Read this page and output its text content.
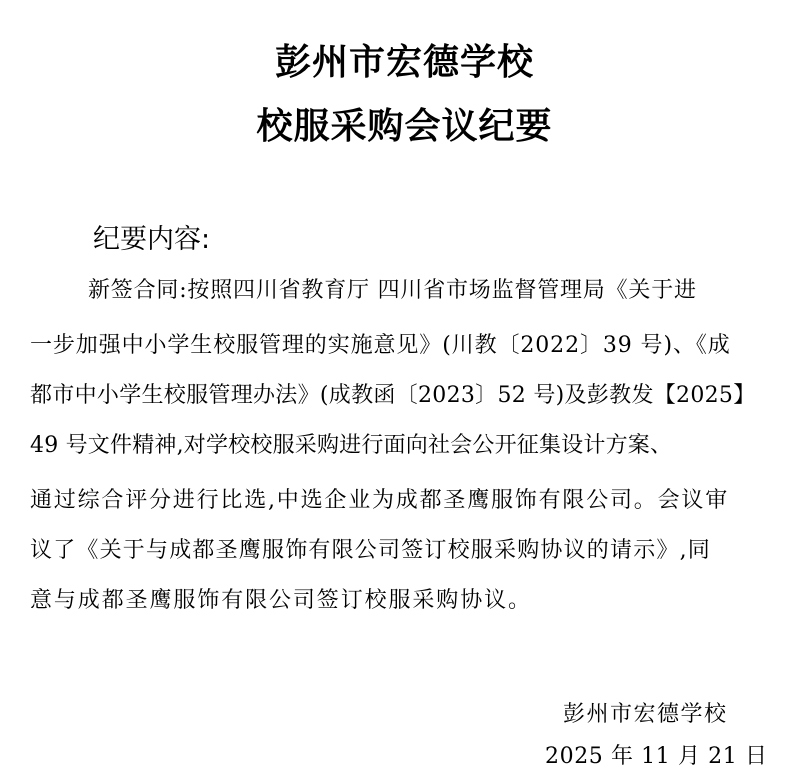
彭州市宏德学校
校服采购会议纪要
纪要内容:
新签合同:按照四川省教育厅 四川省市场监督管理局《关于进
一步加强中小学生校服管理的实施意见》(川教〔2022〕39 号)、《成
都市中小学生校服管理办法》(成教函〔2023〕52 号)及彭教发【2025】
49 号文件精神,对学校校服采购进行面向社会公开征集设计方案、
通过综合评分进行比选,中选企业为成都圣鹰服饰有限公司。会议审
议了《关于与成都圣鹰服饰有限公司签订校服采购协议的请示》,同
意与成都圣鹰服饰有限公司签订校服采购协议。
彭州市宏德学校
2025 年 11 月 21 日
